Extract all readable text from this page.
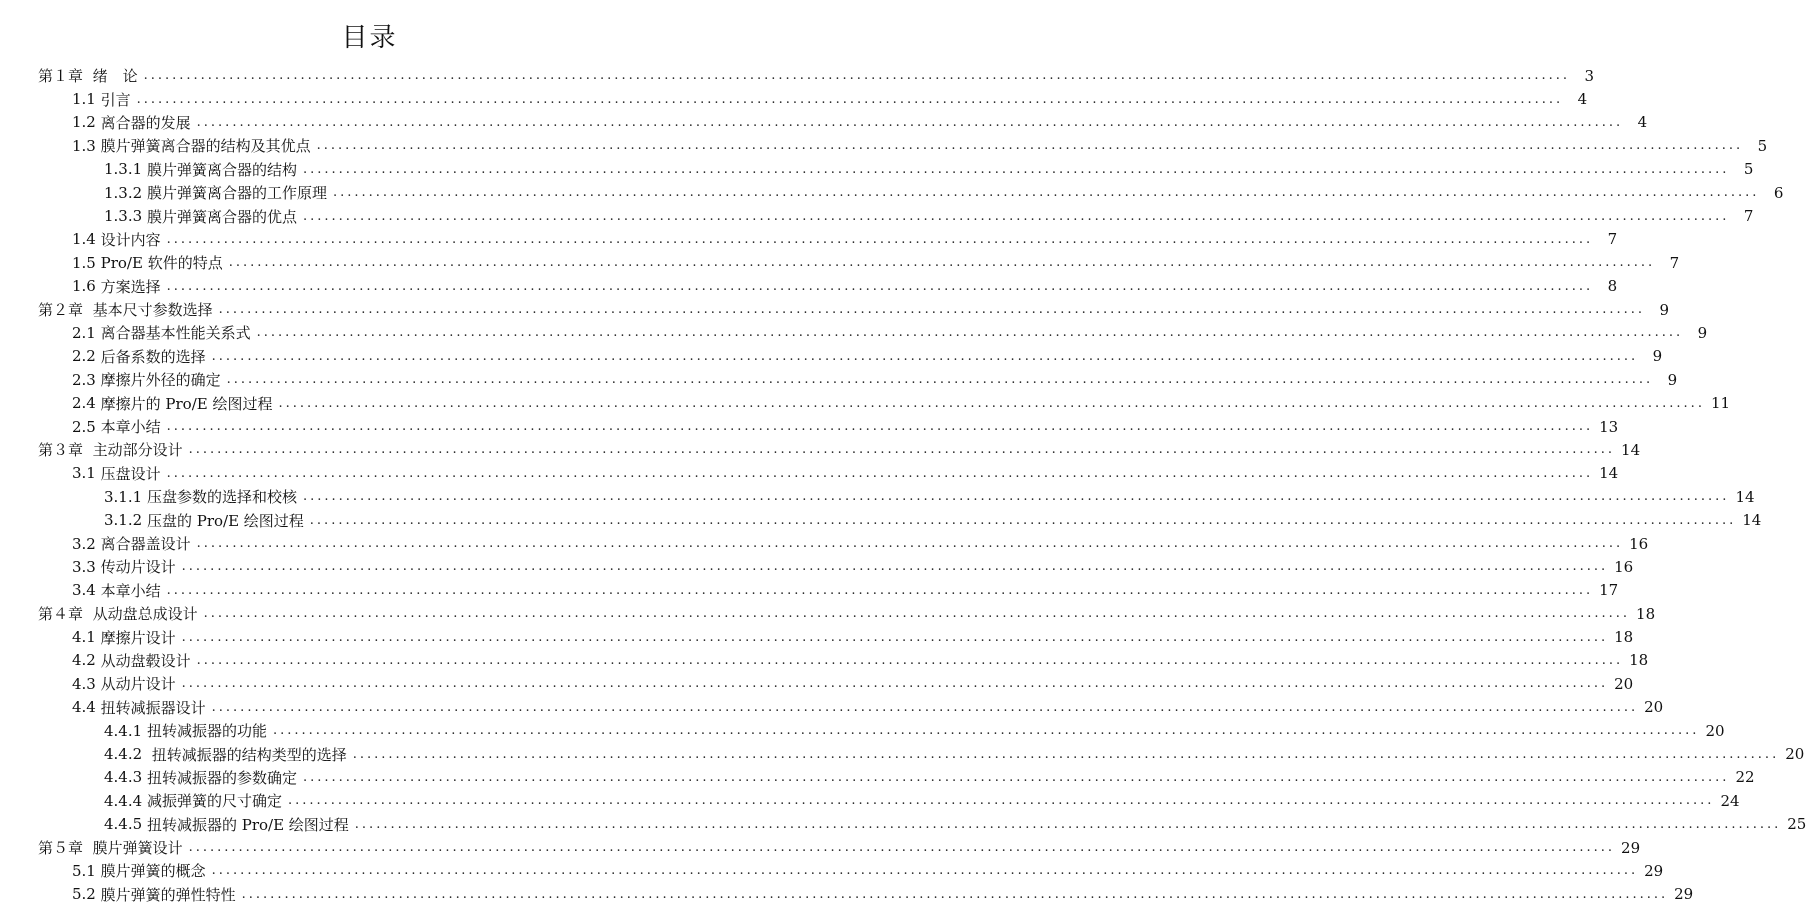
目录
第１章
绪　论 ........................................................................................................................................................................................................ 3
1.1
引言 ........................................................................................................................................................................................................ 4
1.2
离合器的发展 ........................................................................................................................................................................................................ 4
1.3
膜片弹簧离合器的结构及其优点 ........................................................................................................................................................................................................ 5
1.3.1
膜片弹簧离合器的结构 ........................................................................................................................................................................................................ 5
1.3.2
膜片弹簧离合器的工作原理 ........................................................................................................................................................................................................ 6
1.3.3
膜片弹簧离合器的优点 ........................................................................................................................................................................................................ 7
1.4
设计内容 ........................................................................................................................................................................................................ 7
1.5
Pro/E 软件的特点 ........................................................................................................................................................................................................ 7
1.6
方案选择 ........................................................................................................................................................................................................ 8
第２章
基本尺寸参数选择 ........................................................................................................................................................................................................ 9
2.1
离合器基本性能关系式 ........................................................................................................................................................................................................ 9
2.2
后备系数的选择 ........................................................................................................................................................................................................ 9
2.3
摩擦片外径的确定 ........................................................................................................................................................................................................ 9
2.4
摩擦片的 Pro/E 绘图过程 ........................................................................................................................................................................................................ 11
2.5
本章小结 ........................................................................................................................................................................................................ 13
第３章
主动部分设计 ........................................................................................................................................................................................................ 14
3.1
压盘设计 ........................................................................................................................................................................................................ 14
3.1.1
压盘参数的选择和校核 ........................................................................................................................................................................................................ 14
3.1.2
压盘的 Pro/E 绘图过程 ........................................................................................................................................................................................................ 14
3.2
离合器盖设计 ........................................................................................................................................................................................................ 16
3.3
传动片设计 ........................................................................................................................................................................................................ 16
3.4
本章小结 ........................................................................................................................................................................................................ 17
第４章
从动盘总成设计 ........................................................................................................................................................................................................ 18
4.1
摩擦片设计 ........................................................................................................................................................................................................ 18
4.2
从动盘毂设计 ........................................................................................................................................................................................................ 18
4.3
从动片设计 ........................................................................................................................................................................................................ 20
4.4
扭转减振器设计 ........................................................................................................................................................................................................ 20
4.4.1
扭转减振器的功能 ........................................................................................................................................................................................................ 20
4.4.2
扭转减振器的结构类型的选择 ........................................................................................................................................................................................................ 20
4.4.3
扭转减振器的参数确定 ........................................................................................................................................................................................................ 22
4.4.4
减振弹簧的尺寸确定 ........................................................................................................................................................................................................ 24
4.4.5
扭转减振器的 Pro/E 绘图过程 ........................................................................................................................................................................................................ 25
第５章
膜片弹簧设计 ........................................................................................................................................................................................................ 29
5.1
膜片弹簧的概念 ........................................................................................................................................................................................................ 29
5.2
膜片弹簧的弹性特性 ........................................................................................................................................................................................................ 29
